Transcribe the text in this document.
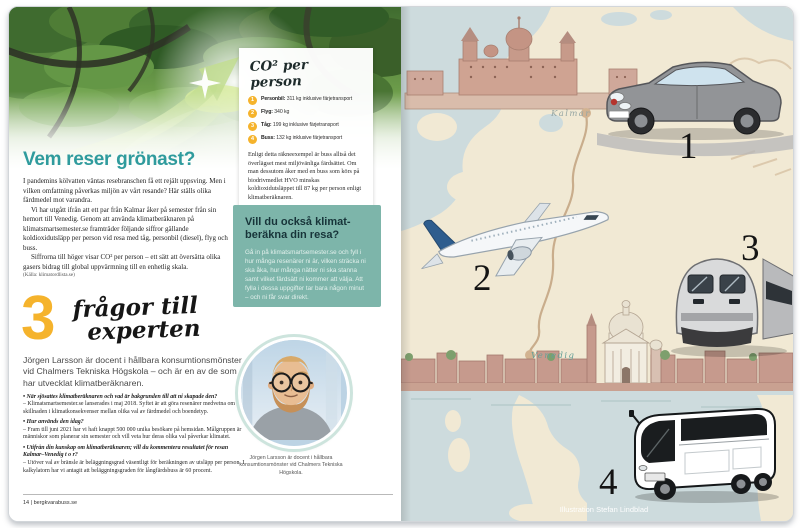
Vem reser grönast?

I pandemins kölvatten väntas resebranschen få ett rejält uppsving. Men i vilken omfattning påverkas miljön av vårt resande? Här ställs olika färdmedel mot varandra.

Vi har utgått ifrån att ett par från Kalmar åker på semester från sin hemort till Venedig. Genom att använda klimatberäknaren på klimatsmartsemester.se framträder följande siffror gällande koldioxidutsläpp per person vid resa med tåg, personbil (diesel), flyg och buss.

Siffrorna till höger visar CO² per person – ett sätt att översätta olika gasers bidrag till global uppvärmning till en enhetlig skala.

(Källa: klimatordlista.se)

CO² per person
1	Personbil: 311 kg inklusive färjetransport
2	Flyg: 340 kg
3	Tåg: 199 kg inklusive färjetransport
4	Buss: 132 kg inklusive färjetransport
Enligt detta räkneexempel är buss alltså det överlägset mest miljövänliga färdsättet. Om man dessutom åker med en buss som körs på biodrivmedlet HVO minskas koldioxidutsläppet till 87 kg per person enligt klimatberäknaren.
Vill du också klimat-
beräkna din resa?
Gå in på klimatsmartsemester.se och fyll i hur många resenärer ni är, vilken sträcka ni ska åka, hur många nätter ni ska stanna samt vilket färdsätt ni kommer att välja. Att fylla i dessa uppgifter tar bara någon minut – och ni får svar direkt.
3 frågor till
experten
Jörgen Larsson är docent i hållbara konsumtionsmönster vid Chalmers Tekniska Högskola – och är en av de som har utvecklat klimatberäknaren.
• När sjösattes klimatberäknaren och vad är bakgrunden till att ni skapade den?
– Klimatsmartsemester.se lanserades i maj 2018. Syftet är att göra resenärer medvetna om skillnaden i klimatkonsekvenser mellan olika val av färdmedel och boendetyp.
• Hur används den idag?
– Fram till juni 2021 har vi haft knappt 500 000 unika besökare på hemsidan. Målgruppen är människor som planerar sin semester och vill veta hur deras olika val påverkar klimatet.
• Utifrån din kunskap om klimatberäknaren; vill du kommentera resultatet för resan Kalmar–Venedig t o r?
– Utöver val av bränsle är beläggningsgrad väsentligt för beräkningen av utsläpp per person. I kalkylatorn har vi antagit att beläggningsgraden för långfärdsbuss är 60 procent.
Jörgen Larsson är docent i hållbara konsumtionsmönster vid Chalmers Tekniska Högskola.
14 | bergkvarabuss.se
1
2
3
4
Kalmar
Venedig
Illustration Stefan Lindblad
